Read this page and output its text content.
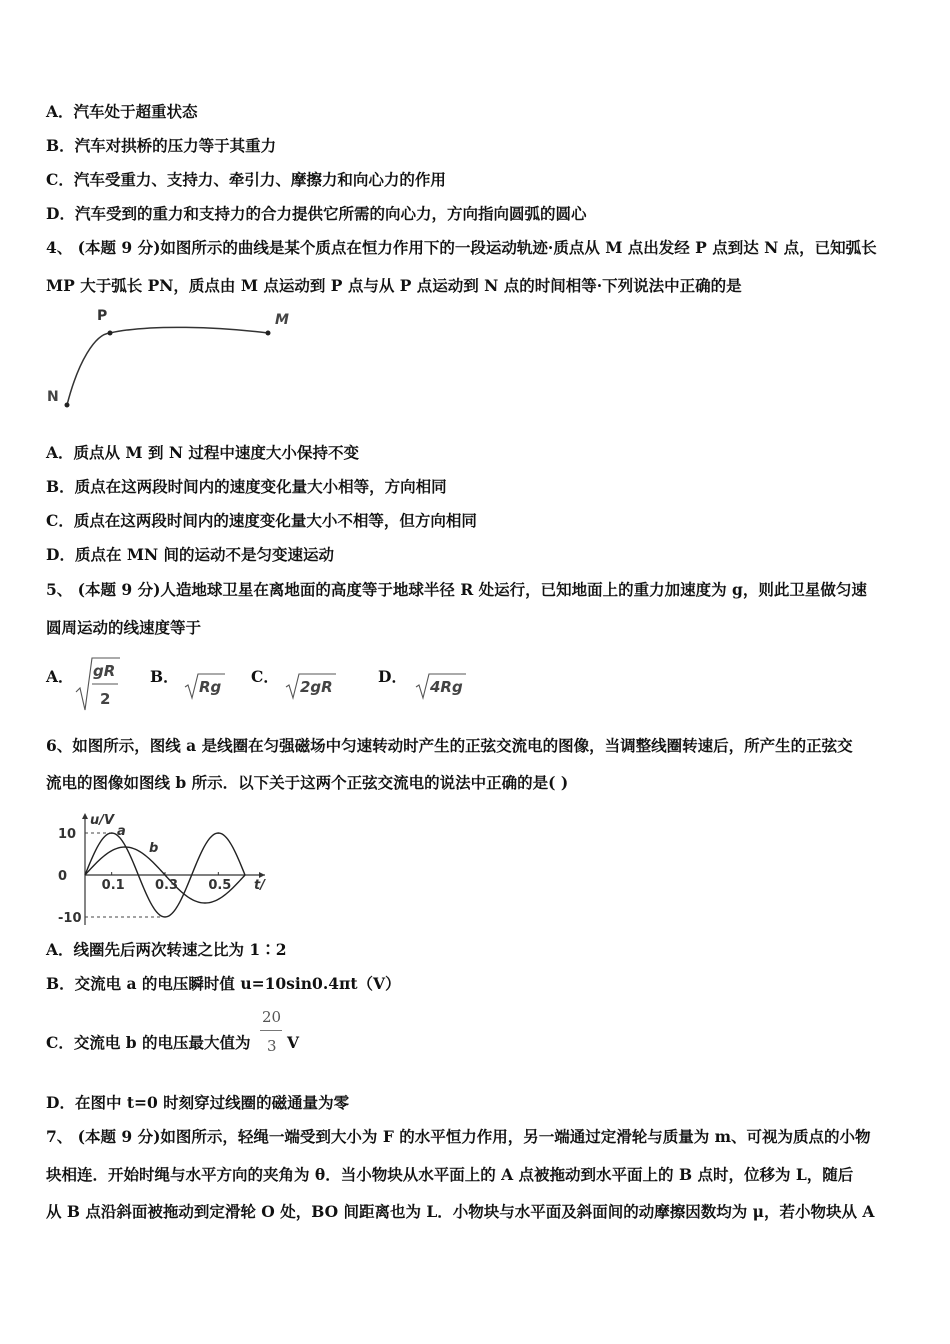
A．汽车处于超重状态
B．汽车对拱桥的压力等于其重力
C．汽车受重力、支持力、牵引力、摩擦力和向心力的作用
D．汽车受到的重力和支持力的合力提供它所需的向心力，方向指向圆弧的圆心
4、 (本题 9 分)如图所示的曲线是某个质点在恒力作用下的一段运动轨迹·质点从 M 点出发经 P 点到达 N 点，已知弧长
MP 大于弧长 PN，质点由 M 点运动到 P 点与从 P 点运动到 N 点的时间相等·下列说法中正确的是
P	M
N
A．质点从 M 到 N 过程中速度大小保持不变
B．质点在这两段时间内的速度变化量大小相等，方向相同
C．质点在这两段时间内的速度变化量大小不相等，但方向相同
D．质点在 MN 间的运动不是匀变速运动
5、 (本题 9 分)人造地球卫星在离地面的高度等于地球半径 R 处运行，已知地面上的重力加速度为 g，则此卫星做匀速
圆周运动的线速度等于
A． gR
2
B．
Rg
C．
2gR
D．
4Rg
6、如图所示，图线 a 是线圈在匀强磁场中匀速转动时产生的正弦交流电的图像，当调整线圈转速后，所产生的正弦交
流电的图像如图线 b 所示．以下关于这两个正弦交流电的说法中正确的是( )
a
b
0.1 0.3 0.5
10
0
-10
u/V
t/
A．线圈先后两次转速之比为 1∶2
B．交流电 a 的电压瞬时值 u=10sin0.4πt（V）
C．交流电 b 的电压最大值为
20
3 V
D．在图中 t=0 时刻穿过线圈的磁通量为零
7、 (本题 9 分)如图所示，轻绳一端受到大小为 F 的水平恒力作用，另一端通过定滑轮与质量为 m、可视为质点的小物
块相连．开始时绳与水平方向的夹角为 θ．当小物块从水平面上的 A 点被拖动到水平面上的 B 点时，位移为 L，随后
从 B 点沿斜面被拖动到定滑轮 O 处，BO 间距离也为 L．小物块与水平面及斜面间的动摩擦因数均为 μ，若小物块从 A
